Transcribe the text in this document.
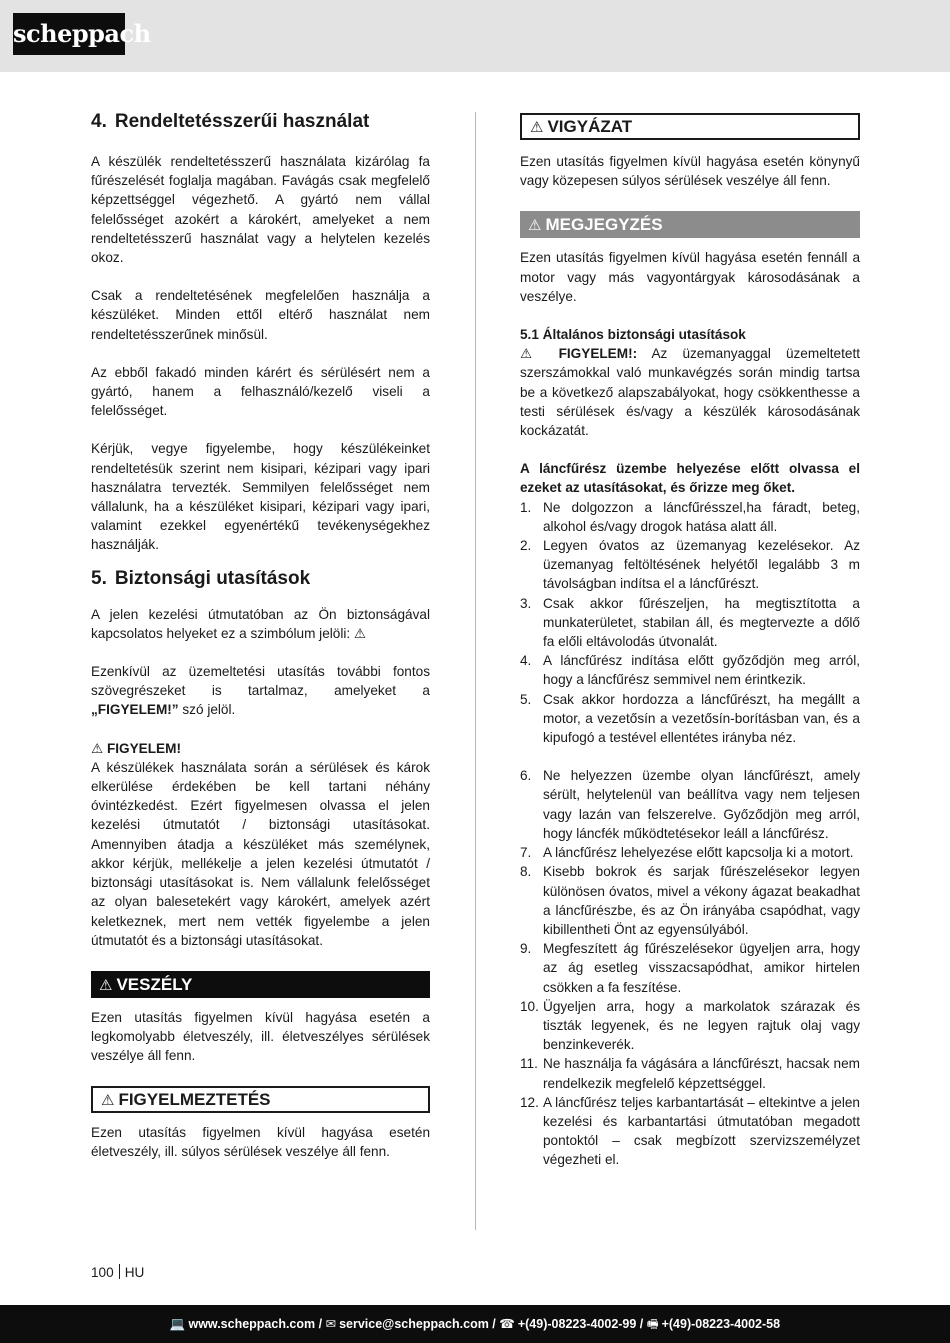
scheppach
4. Rendeltetésszerűi használat

A készülék rendeltetésszerű használata kizárólag fa fűrészelését foglalja magában. Favágás csak megfelelő képzettséggel végezhető. A gyártó nem vállal felelősséget azokért a károkért, amelyeket a nem rendeltetésszerű használat vagy a helytelen kezelés okoz.

Csak a rendeltetésének megfelelően használja a készüléket. Minden ettől eltérő használat nem rendeltetésszerűnek minősül.

Az ebből fakadó minden kárért és sérülésért nem a gyártó, hanem a felhasználó/kezelő viseli a felelősséget.

Kérjük, vegye figyelembe, hogy készülékeinket rendeltetésük szerint nem kisipari, kézipari vagy ipari használatra tervezték. Semmilyen felelősséget nem vállalunk, ha a készüléket kisipari, kézipari vagy ipari, valamint ezekkel egyenértékű tevékenységekhez használják.

5. Biztonsági utasítások

A jelen kezelési útmutatóban az Ön biztonságával kapcsolatos helyeket ez a szimbólum jelöli: ⚠

Ezenkívül az üzemeltetési utasítás további fontos szövegrészeket is tartalmaz, amelyeket a „FIGYELEM!” szó jelöl.

⚠ FIGYELEM!

A készülékek használata során a sérülések és károk elkerülése érdekében be kell tartani néhány óvintézkedést. Ezért figyelmesen olvassa el jelen kezelési útmutatót / biztonsági utasításokat. Amennyiben átadja a készüléket más személynek, akkor kérjük, mellékelje a jelen kezelési útmutatót / biztonsági utasításokat is. Nem vállalunk felelősséget az olyan balesetekért vagy károkért, amelyek azért keletkeznek, mert nem vették figyelembe a jelen útmutatót és a biztonsági utasításokat.

⚠ VESZÉLY

Ezen utasítás figyelmen kívül hagyása esetén a legkomolyabb életveszély, ill. életveszélyes sérülések veszélye áll fenn.

⚠ FIGYELMEZTETÉS

Ezen utasítás figyelmen kívül hagyása esetén életveszély, ill. súlyos sérülések veszélye áll fenn.

⚠ VIGYÁZAT

Ezen utasítás figyelmen kívül hagyása esetén könynyű vagy közepesen súlyos sérülések veszélye áll fenn.

⚠ MEGJEGYZÉS

Ezen utasítás figyelmen kívül hagyása esetén fennáll a motor vagy más vagyontárgyak károsodásának a veszélye.

5.1 Általános biztonsági utasítások

⚠ FIGYELEM!: Az üzemanyaggal üzemeltetett szerszámokkal való munkavégzés során mindig tartsa be a következő alapszabályokat, hogy csökkenthesse a testi sérülések és/vagy a készülék károsodásának kockázatát.

A láncfűrész üzembe helyezése előtt olvassa el ezeket az utasításokat, és őrizze meg őket.

1. Ne dolgozzon a láncfűrésszel,ha fáradt, beteg, alkohol és/vagy drogok hatása alatt áll.
2. Legyen óvatos az üzemanyag kezelésekor. Az üzemanyag feltöltésének helyétől legalább 3 m távolságban indítsa el a láncfűrészt.
3. Csak akkor fűrészeljen, ha megtisztította a munkaterületet, stabilan áll, és megtervezte a dőlő fa előli eltávolodás útvonalát.
4. A láncfűrész indítása előtt győződjön meg arról, hogy a láncfűrész semmivel nem érintkezik.
5. Csak akkor hordozza a láncfűrészt, ha megállt a motor, a vezetősín a vezetősín-borításban van, és a kipufogó a testével ellentétes irányba néz.
6. Ne helyezzen üzembe olyan láncfűrészt, amely sérült, helytelenül van beállítva vagy nem teljesen vagy lazán van felszerelve. Győződjön meg arról, hogy láncfék működtetésekor leáll a láncfűrész.
7. A láncfűrész lehelyezése előtt kapcsolja ki a motort.
8. Kisebb bokrok és sarjak fűrészelésekor legyen különösen óvatos, mivel a vékony ágazat beakadhat a láncfűrészbe, és az Ön irányába csapódhat, vagy kibillentheti Önt az egyensúlyából.
9. Megfeszített ág fűrészelésekor ügyeljen arra, hogy az ág esetleg visszacsapódhat, amikor hirtelen csökken a fa feszítése.
10. Ügyeljen arra, hogy a markolatok szárazak és tiszták legyenek, és ne legyen rajtuk olaj vagy benzinkeverék.
11. Ne használja fa vágására a láncfűrészt, hacsak nem rendelkezik megfelelő képzettséggel.
12. A láncfűrész teljes karbantartását – eltekintve a jelen kezelési és karbantartási útmutatóban megadott pontoktól – csak megbízott szervizszemélyzet végezheti el.
100 HU
💻 www.scheppach.com / ✉ service@scheppach.com / ☎ +(49)-08223-4002-99 / 🖷 +(49)-08223-4002-58
